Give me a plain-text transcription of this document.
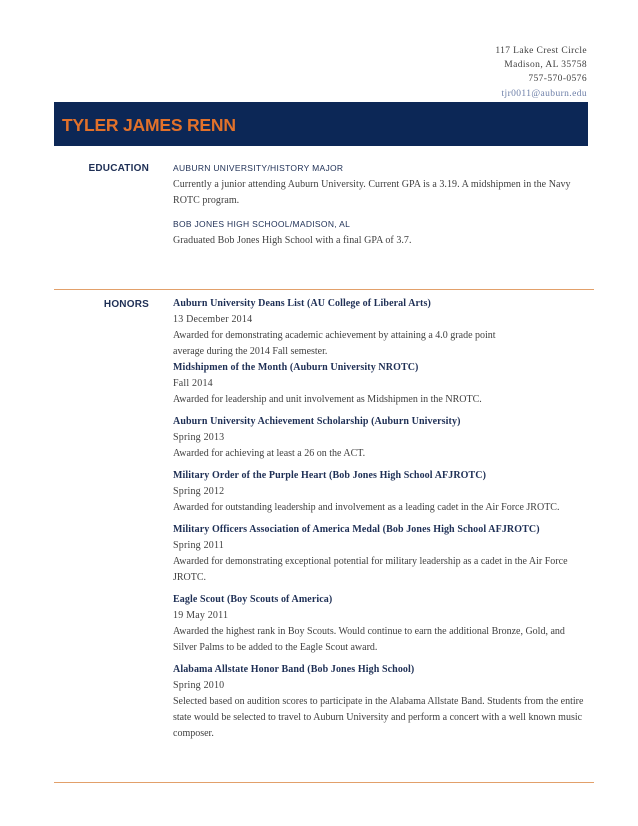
117 Lake Crest Circle
Madison, AL 35758
757-570-0576
tjr0011@auburn.edu
TYLER JAMES RENN
EDUCATION	AUBURN UNIVERSITY/HISTORY MAJOR
Currently a junior attending Auburn University. Current GPA is a 3.19. A midshipmen in the Navy ROTC program.
BOB JONES HIGH SCHOOL/MADISON, AL
Graduated Bob Jones High School with a final GPA of 3.7.
HONORS Auburn University Deans List (AU College of Liberal Arts)
13 December 2014
Awarded for demonstrating academic achievement by attaining a 4.0 grade point average during the 2014 Fall semester.
Midshipmen of the Month (Auburn University NROTC)
Fall 2014
Awarded for leadership and unit involvement as Midshipmen in the NROTC.
Auburn University Achievement Scholarship (Auburn University)
Spring 2013
Awarded for achieving at least a 26 on the ACT.
Military Order of the Purple Heart (Bob Jones High School AFJROTC)
Spring 2012
Awarded for outstanding leadership and involvement as a leading cadet in the Air Force JROTC.
Military Officers Association of America Medal (Bob Jones High School AFJROTC)
Spring 2011
Awarded for demonstrating exceptional potential for military leadership as a cadet in the Air Force JROTC.
Eagle Scout (Boy Scouts of America)
19 May 2011
Awarded the highest rank in Boy Scouts. Would continue to earn the additional Bronze, Gold, and Silver Palms to be added to the Eagle Scout award.
Alabama Allstate Honor Band (Bob Jones High School)
Spring 2010
Selected based on audition scores to participate in the Alabama Allstate Band. Students from the entire state would be selected to travel to Auburn University and perform a concert with a well known music composer.
